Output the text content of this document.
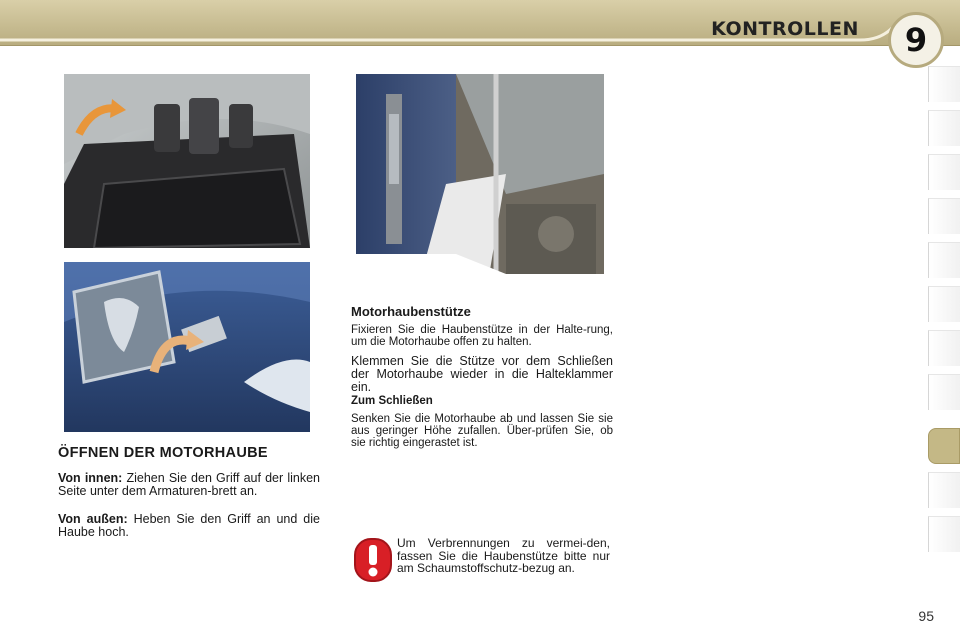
KONTROLLEN	9
ÖFFNEN DER MOTORHAUBE

Von innen: Ziehen Sie den Griff auf der linken Seite unter dem Armaturen-brett an.

Von außen: Heben Sie den Griff an und die Haube hoch.

Motorhaubenstütze

Fixieren Sie die Haubenstütze in der Halte-rung, um die Motorhaube offen zu halten.

Klemmen Sie die Stütze vor dem Schließen der Motorhaube wieder in die Halteklammer ein.

Zum Schließen

Senken Sie die Motorhaube ab und lassen Sie sie aus geringer Höhe zufallen. Über-prüfen Sie, ob sie richtig eingerastet ist.

Um Verbrennungen zu vermei-den, fassen Sie die Haubenstütze bitte nur am Schaumstoffschutz-bezug an.

95
